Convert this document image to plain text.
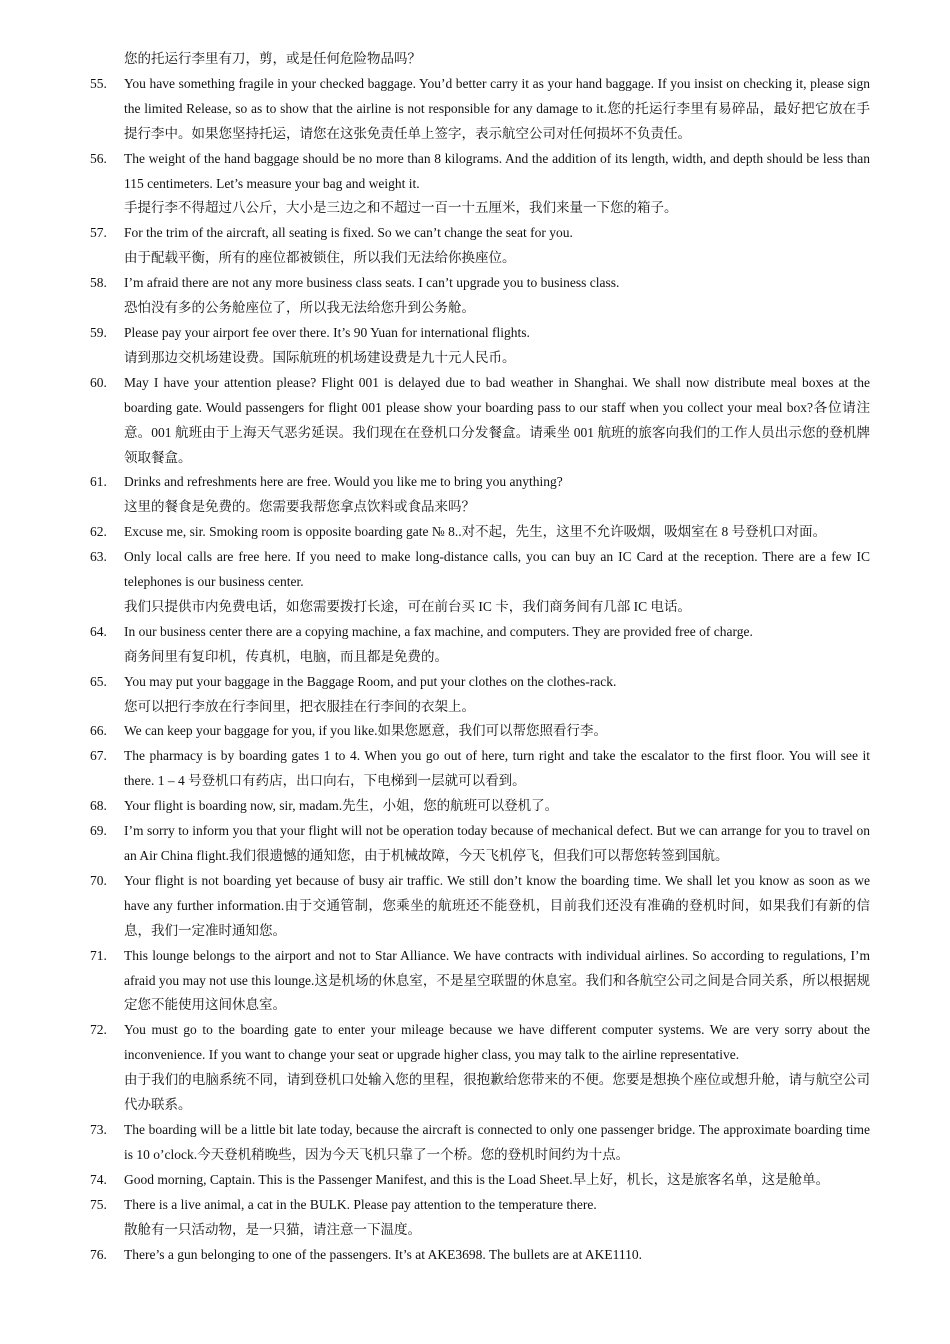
您的托运行李里有刀，剪，或是任何危险物品吗？
55.	You have something fragile in your checked baggage. You’d better carry it as your hand baggage. If you insist on checking it, please sign the limited Release, so as to show that the airline is not responsible for any damage to it.您的托运行李里有易碎品，最好把它放在手提行李中。如果您坚持托运，请您在这张免责任单上签字，表示航空公司对任何损坏不负责任。

56.	The weight of the hand baggage should be no more than 8 kilograms. And the addition of its length, width, and depth should be less than 115 centimeters. Let’s measure your bag and weight it.

手提行李不得超过八公斤，大小是三边之和不超过一百一十五厘米，我们来量一下您的箱子。

57.	For the trim of the aircraft, all seating is fixed. So we can’t change the seat for you.

由于配载平衡，所有的座位都被锁住，所以我们无法给你换座位。

58.	I’m afraid there are not any more business class seats. I can’t upgrade you to business class.

恐怕没有多的公务舱座位了，所以我无法给您升到公务舱。

59.	Please pay your airport fee over there. It’s 90 Yuan for international flights.

请到那边交机场建设费。国际航班的机场建设费是九十元人民币。

60.	May I have your attention please? Flight 001 is delayed due to bad weather in Shanghai. We shall now distribute meal boxes at the boarding gate. Would passengers for flight 001 please show your boarding pass to our staff when you collect your meal box?各位请注意。001 航班由于上海天气恶劣延误。我们现在在登机口分发餐盒。请乘坐 001 航班的旅客向我们的工作人员出示您的登机牌领取餐盒。

61.	Drinks and refreshments here are free. Would you like me to bring you anything?

这里的餐食是免费的。您需要我帮您拿点饮料或食品来吗？

62.	Excuse me, sir. Smoking room is opposite boarding gate № 8..对不起，先生，这里不允许吸烟，吸烟室在 8 号登机口对面。

63.	Only local calls are free here. If you need to make long-distance calls, you can buy an IC Card at the reception. There are a few IC telephones is our business center.

我们只提供市内免费电话，如您需要拨打长途，可在前台买 IC 卡，我们商务间有几部 IC 电话。

64.	In our business center there are a copying machine, a fax machine, and computers. They are provided free of charge.

商务间里有复印机，传真机，电脑，而且都是免费的。

65.	You may put your baggage in the Baggage Room, and put your clothes on the clothes-rack.

您可以把行李放在行李间里，把衣服挂在行李间的衣架上。

66.	We can keep your baggage for you, if you like.如果您愿意，我们可以帮您照看行李。

67.	The pharmacy is by boarding gates 1 to 4. When you go out of here, turn right and take the escalator to the first floor. You will see it there. 1 – 4 号登机口有药店，出口向右，下电梯到一层就可以看到。

68.	Your flight is boarding now, sir, madam.先生，小姐，您的航班可以登机了。

69.	I’m sorry to inform you that your flight will not be operation today because of mechanical defect. But we can arrange for you to travel on an Air China flight.我们很遗憾的通知您，由于机械故障，今天飞机停飞，但我们可以帮您转签到国航。

70.	Your flight is not boarding yet because of busy air traffic. We still don’t know the boarding time. We shall let you know as soon as we have any further information.由于交通管制，您乘坐的航班还不能登机，目前我们还没有准确的登机时间，如果我们有新的信息，我们一定准时通知您。

71.	This lounge belongs to the airport and not to Star Alliance. We have contracts with individual airlines. So according to regulations, I’m afraid you may not use this lounge.这是机场的休息室，不是星空联盟的休息室。我们和各航空公司之间是合同关系，所以根据规定您不能使用这间休息室。

72.	You must go to the boarding gate to enter your mileage because we have different computer systems. We are very sorry about the inconvenience. If you want to change your seat or upgrade higher class, you may talk to the airline representative.

由于我们的电脑系统不同，请到登机口处输入您的里程，很抱歉给您带来的不便。您要是想换个座位或想升舱，请与航空公司代办联系。

73.	The boarding will be a little bit late today, because the aircraft is connected to only one passenger bridge. The approximate boarding time is 10 o’clock.今天登机稍晚些，因为今天飞机只靠了一个桥。您的登机时间约为十点。

74.	Good morning, Captain. This is the Passenger Manifest, and this is the Load Sheet.早上好，机长，这是旅客名单，这是舱单。

75.	There is a live animal, a cat in the BULK. Please pay attention to the temperature there.

散舱有一只活动物，是一只猫，请注意一下温度。

76.	There’s a gun belonging to one of the passengers. It’s at AKE3698. The bullets are at AKE1110.
